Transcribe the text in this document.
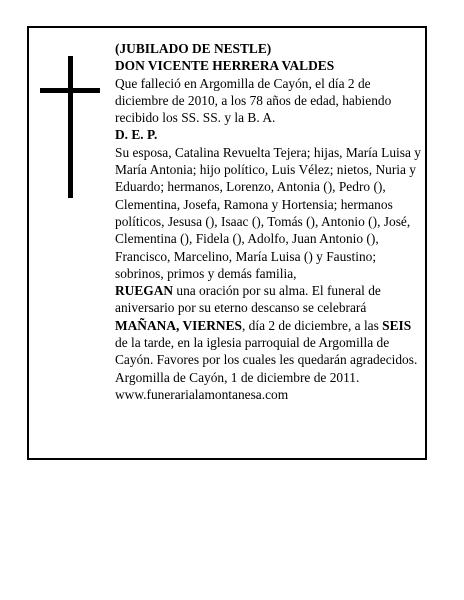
(JUBILADO DE NESTLE)

DON VICENTE HERRERA VALDES

Que falleció en Argomilla de Cayón, el día 2 de diciembre de 2010, a los 78 años de edad, habiendo recibido los SS. SS. y la B. A.

D. E. P.

Su esposa, Catalina Revuelta Tejera; hijas, María Luisa y María Antonia; hijo político, Luis Vélez; nietos, Nuria y Eduardo; hermanos, Lorenzo, Antonia (), Pedro (), Clementina, Josefa, Ramona y Hortensia; hermanos políticos, Jesusa (), Isaac (), Tomás (), Antonio (), José, Clementina (), Fidela (), Adolfo, Juan Antonio (), Francisco, Marcelino, María Luisa () y Faustino; sobrinos, primos y demás familia,

RUEGAN una oración por su alma. El funeral de aniversario por su eterno descanso se celebrará MAÑANA, VIERNES, día 2 de diciembre, a las SEIS de la tarde, en la iglesia parroquial de Argomilla de Cayón. Favores por los cuales les quedarán agradecidos.

Argomilla de Cayón, 1 de diciembre de 2011.

www.funerarialamontanesa.com
